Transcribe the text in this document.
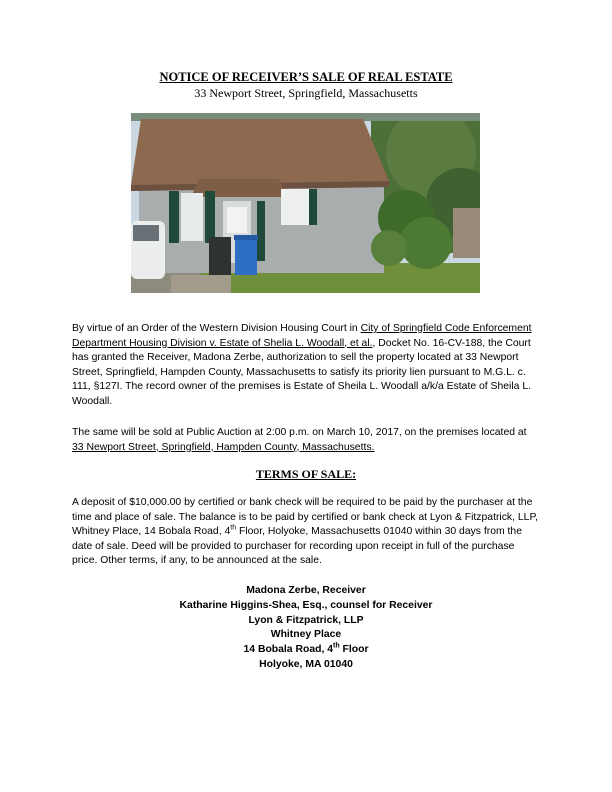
NOTICE OF RECEIVER’S SALE OF REAL ESTATE
33 Newport Street, Springfield, Massachusetts
By virtue of an Order of the Western Division Housing Court in City of Springfield Code Enforcement Department Housing Division v. Estate of Shelia L. Woodall, et al., Docket No. 16-CV-188, the Court has granted the Receiver, Madona Zerbe, authorization to sell the property located at 33 Newport Street, Springfield, Hampden County, Massachusetts to satisfy its priority lien pursuant to M.G.L. c. 111, §127I. The record owner of the premises is Estate of Sheila L. Woodall a/k/a Estate of Sheila L. Woodall.
The same will be sold at Public Auction at 2:00 p.m. on March 10, 2017, on the premises located at 33 Newport Street, Springfield, Hampden County, Massachusetts.
TERMS OF SALE:
A deposit of $10,000.00 by certified or bank check will be required to be paid by the purchaser at the time and place of sale. The balance is to be paid by certified or bank check at Lyon & Fitzpatrick, LLP, Whitney Place, 14 Bobala Road, 4th Floor, Holyoke, Massachusetts 01040 within 30 days from the date of sale. Deed will be provided to purchaser for recording upon receipt in full of the purchase price. Other terms, if any, to be announced at the sale.
Madona Zerbe, Receiver
Katharine Higgins-Shea, Esq., counsel for Receiver
Lyon & Fitzpatrick, LLP
Whitney Place
14 Bobala Road, 4th Floor
Holyoke, MA 01040
